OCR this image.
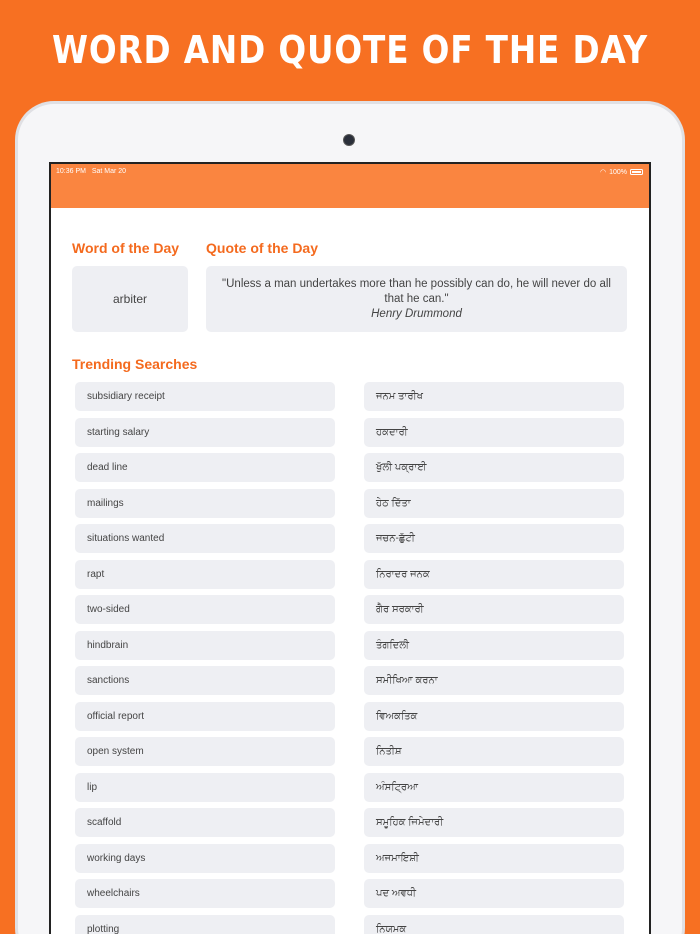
WORD AND QUOTE OF THE DAY
10:36 PM Sat Mar 20	◠ 100%
Word of the Day Quote of the Day
arbiter
"Unless a man undertakes more than he possibly can do, he will never do all that he can."
Henry Drummond
Trending Searches
subsidiary receipt
starting salary
dead line
mailings
situations wanted
rapt
two-sided
hindbrain
sanctions
official report
open system
lip
scaffold
working days
wheelchairs
plotting
ਜਨਮ ਤਾਰੀਖ
ਹਕਦਾਰੀ
ਖੁੱਲੀ ਪਕ੍ਰਾਈ
ਹੇਠ ਦਿੱਤਾ
ਜਚਨ-ਛੁੱਟੀ
ਨਿਰਾਦਰ ਜਨਕ
ਗੈਰ ਸਰਕਾਰੀ
ਤੰਗਦਿਲੀ
ਸਮੀਖਿਆ ਕਰਨਾ
ਵਿਅਕਤਿਕ
ਨਿਤੀਸ਼
ਅੰਸਟ੍ਰਿਆ
ਸਮੂਹਿਕ ਜਿਮੇਦਾਰੀ
ਅਜਮਾਇਸ਼ੀ
ਪਦ ਅਵਧੀ
ਨਿਯਮਕ
